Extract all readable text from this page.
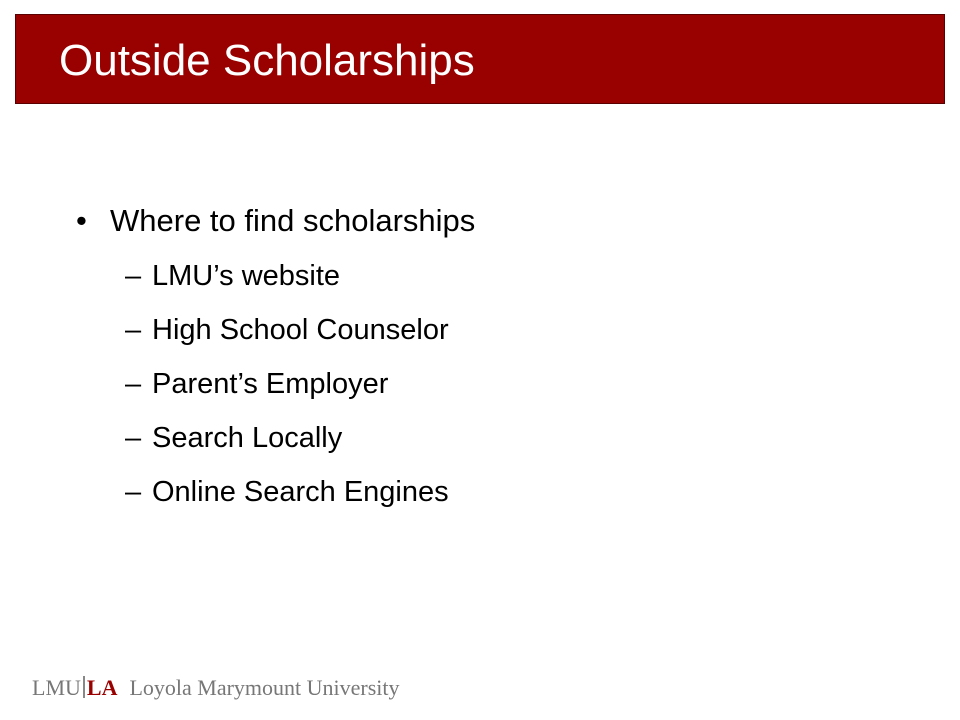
Outside Scholarships
• Where to find scholarships
– LMU’s website
– High School Counselor
– Parent’s Employer
– Search Locally
– Online Search Engines
LMU LA Loyola Marymount University
